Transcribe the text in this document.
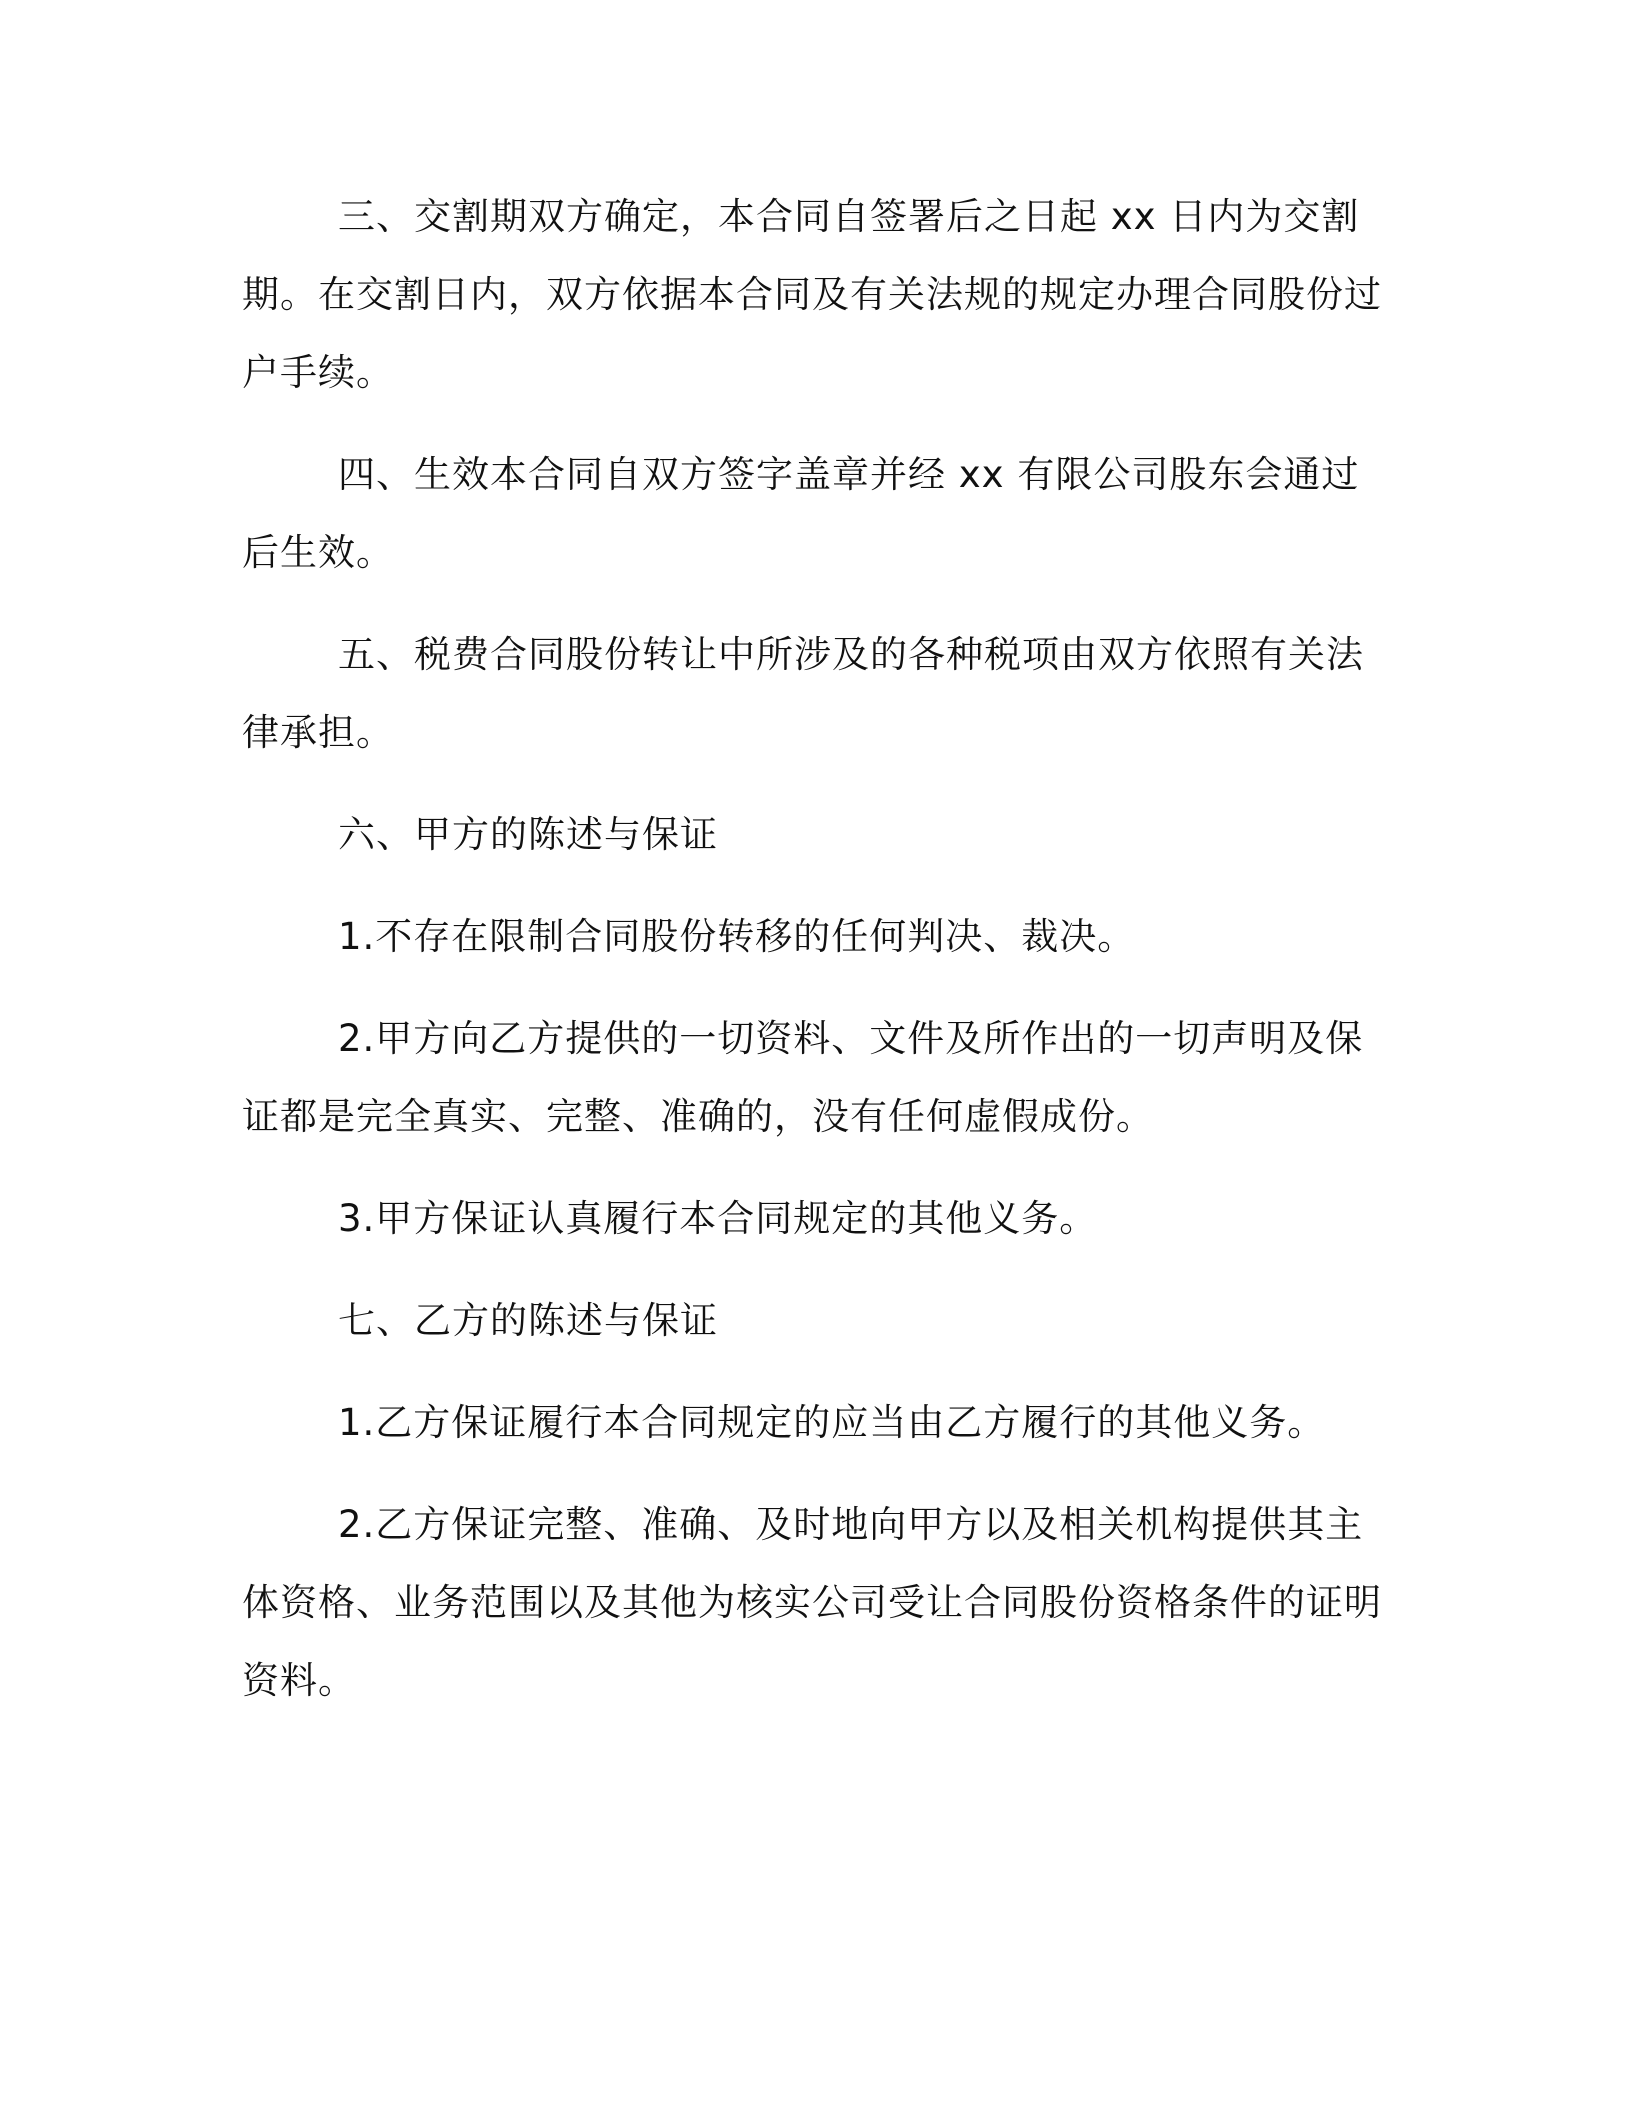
三、交割期双方确定，本合同自签署后之日起 xx 日内为交割期。在交割日内，双方依据本合同及有关法规的规定办理合同股份过户手续。

四、生效本合同自双方签字盖章并经 xx 有限公司股东会通过后生效。

五、税费合同股份转让中所涉及的各种税项由双方依照有关法律承担。

六、甲方的陈述与保证

1.不存在限制合同股份转移的任何判决、裁决。

2.甲方向乙方提供的一切资料、文件及所作出的一切声明及保证都是完全真实、完整、准确的，没有任何虚假成份。

3.甲方保证认真履行本合同规定的其他义务。

七、乙方的陈述与保证

1.乙方保证履行本合同规定的应当由乙方履行的其他义务。

2.乙方保证完整、准确、及时地向甲方以及相关机构提供其主体资格、业务范围以及其他为核实公司受让合同股份资格条件的证明资料。
